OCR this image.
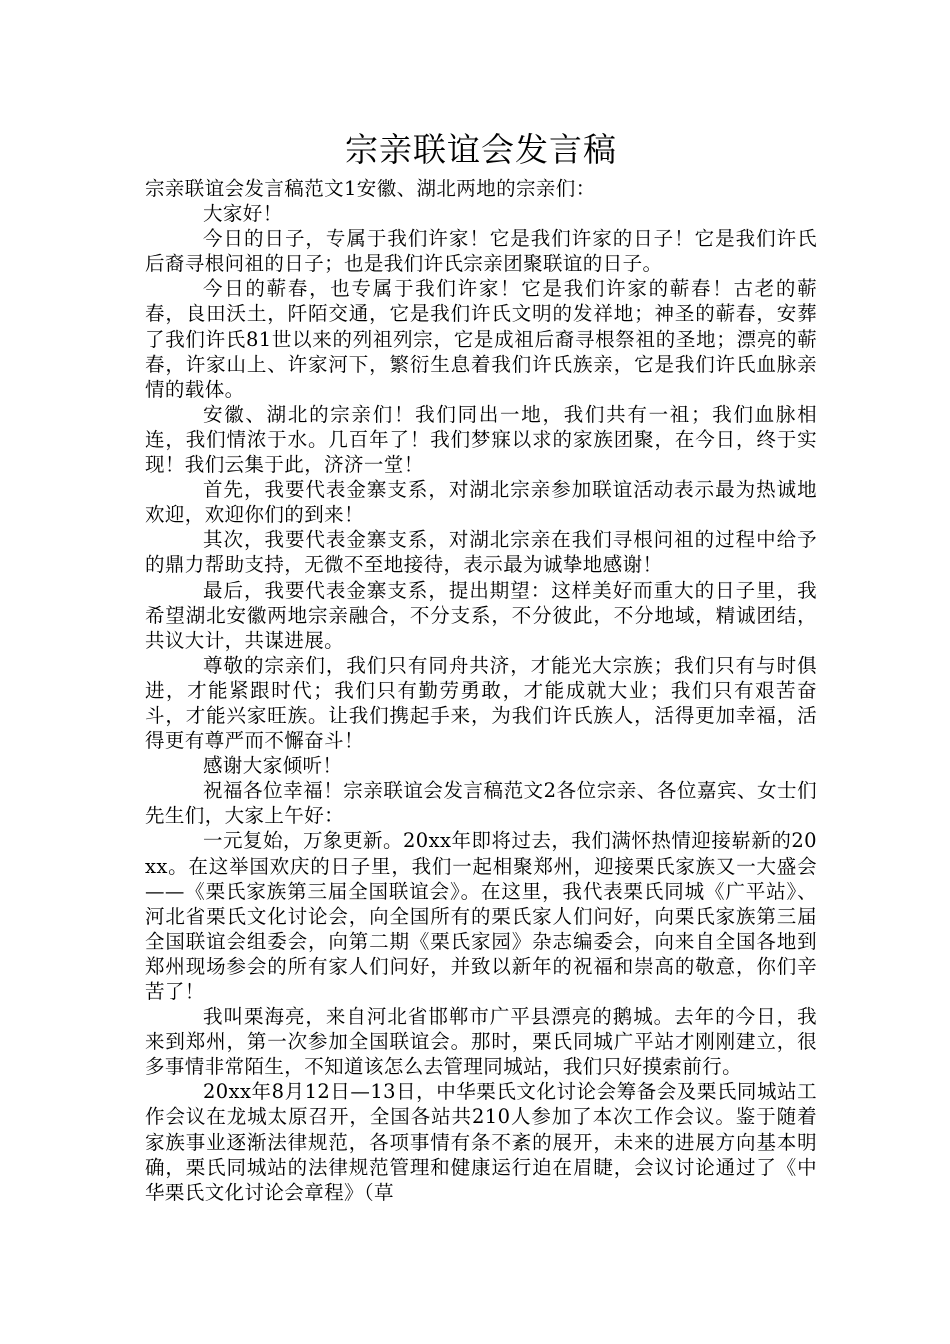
宗亲联谊会发言稿

宗亲联谊会发言稿范文1安徽、湖北两地的宗亲们：

大家好！

今日的日子，专属于我们许家！它是我们许家的日子！它是我们许氏后裔寻根问祖的日子；也是我们许氏宗亲团聚联谊的日子。

今日的蕲春，也专属于我们许家！它是我们许家的蕲春！古老的蕲春，良田沃土，阡陌交通，它是我们许氏文明的发祥地；神圣的蕲春，安葬了我们许氏81世以来的列祖列宗，它是成祖后裔寻根祭祖的圣地；漂亮的蕲春，许家山上、许家河下，繁衍生息着我们许氏族亲，它是我们许氏血脉亲情的载体。

安徽、湖北的宗亲们！我们同出一地，我们共有一祖；我们血脉相连，我们情浓于水。几百年了！我们梦寐以求的家族团聚，在今日，终于实现！我们云集于此，济济一堂！

首先，我要代表金寨支系，对湖北宗亲参加联谊活动表示最为热诚地欢迎，欢迎你们的到来！

其次，我要代表金寨支系，对湖北宗亲在我们寻根问祖的过程中给予的鼎力帮助支持，无微不至地接待，表示最为诚挚地感谢！

最后，我要代表金寨支系，提出期望：这样美好而重大的日子里，我希望湖北安徽两地宗亲融合，不分支系，不分彼此，不分地域，精诚团结，共议大计，共谋进展。

尊敬的宗亲们，我们只有同舟共济，才能光大宗族；我们只有与时俱进，才能紧跟时代；我们只有勤劳勇敢，才能成就大业；我们只有艰苦奋斗，才能兴家旺族。让我们携起手来，为我们许氏族人，活得更加幸福，活得更有尊严而不懈奋斗！

感谢大家倾听！

祝福各位幸福！宗亲联谊会发言稿范文2各位宗亲、各位嘉宾、女士们先生们，大家上午好：

一元复始，万象更新。20xx年即将过去，我们满怀热情迎接崭新的20xx。在这举国欢庆的日子里，我们一起相聚郑州，迎接栗氏家族又一大盛会——《栗氏家族第三届全国联谊会》。在这里，我代表栗氏同城《广平站》、河北省栗氏文化讨论会，向全国所有的栗氏家人们问好，向栗氏家族第三届全国联谊会组委会，向第二期《栗氏家园》杂志编委会，向来自全国各地到郑州现场参会的所有家人们问好，并致以新年的祝福和崇高的敬意，你们辛苦了！

我叫栗海亮，来自河北省邯郸市广平县漂亮的鹅城。去年的今日，我来到郑州，第一次参加全国联谊会。那时，栗氏同城广平站才刚刚建立，很多事情非常陌生，不知道该怎么去管理同城站，我们只好摸索前行。

20xx年8月12日—13日，中华栗氏文化讨论会筹备会及栗氏同城站工作会议在龙城太原召开，全国各站共210人参加了本次工作会议。鉴于随着家族事业逐渐法律规范，各项事情有条不紊的展开，未来的进展方向基本明确，栗氏同城站的法律规范管理和健康运行迫在眉睫，会议讨论通过了《中华栗氏文化讨论会章程》（草
